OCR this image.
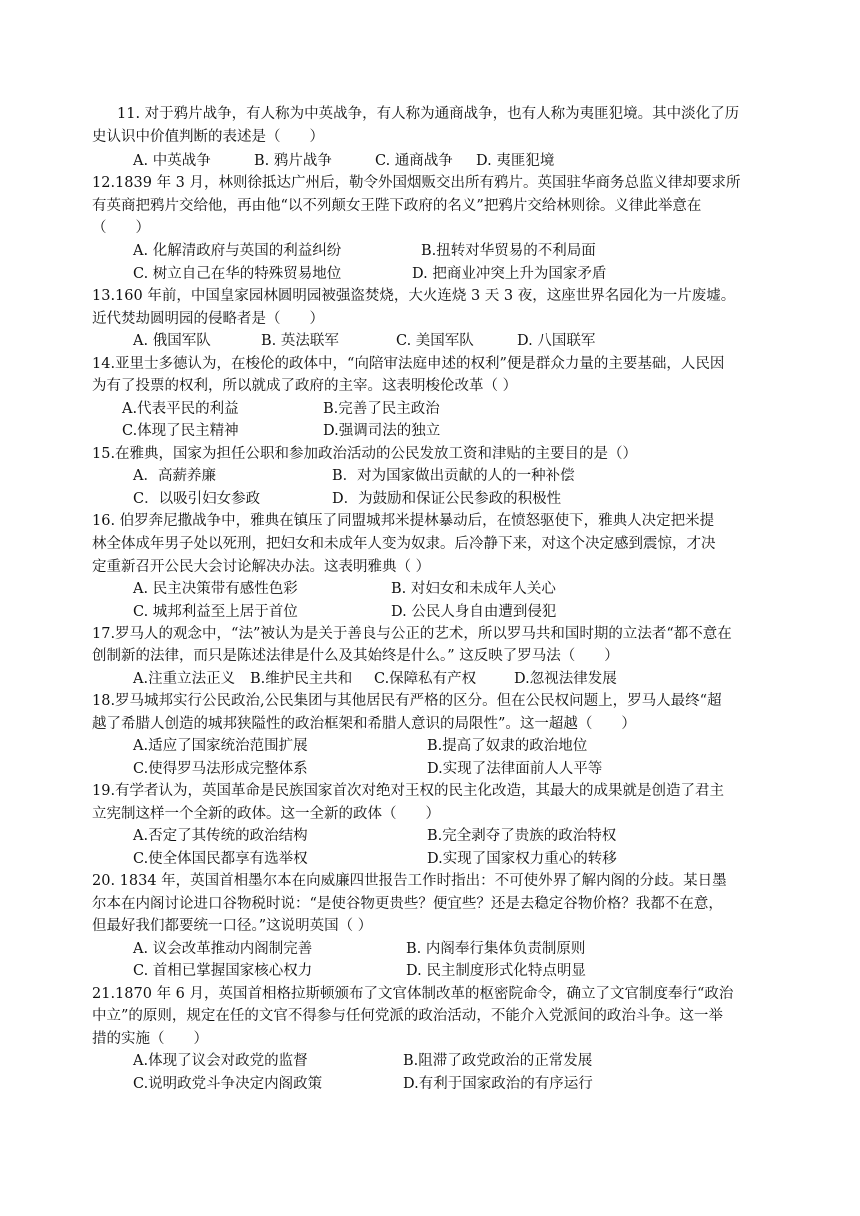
11. 对于鸦片战争，有人称为中英战争，有人称为通商战争，也有人称为夷匪犯境。其中淡化了历
史认识中价值判断的表述是（　　）
A. 中英战争	B. 鸦片战争	C. 通商战争 D. 夷匪犯境
12.1839 年 3 月，林则徐抵达广州后，勒令外国烟贩交出所有鸦片。英国驻华商务总监义律却要求所
有英商把鸦片交给他，再由他“以不列颠女王陛下政府的名义”把鸦片交给林则徐。义律此举意在
（　　）
A. 化解清政府与英国的利益纠纷	B.扭转对华贸易的不利局面
C. 树立自己在华的特殊贸易地位	D. 把商业冲突上升为国家矛盾
13.160 年前，中国皇家园林圆明园被强盗焚烧，大火连烧 3 天 3 夜，这座世界名园化为一片废墟。
近代焚劫圆明园的侵略者是（　　）
A. 俄国军队	B. 英法联军	C. 美国军队	D. 八国联军
14.亚里士多德认为，在梭伦的政体中，“向陪审法庭申述的权利”便是群众力量的主要基础，人民因
为有了投票的权利，所以就成了政府的主宰。这表明梭伦改革（ ）
A.代表平民的利益	B.完善了民主政治
C.体现了民主精神	D.强调司法的独立
15.在雅典，国家为担任公职和参加政治活动的公民发放工资和津贴的主要目的是（）
A．高薪养廉	B．对为国家做出贡献的人的一种补偿
C．以吸引妇女参政	D．为鼓励和保证公民参政的积极性
16. 伯罗奔尼撒战争中，雅典在镇压了同盟城邦米提林暴动后，在愤怒驱使下，雅典人决定把米提
林全体成年男子处以死刑，把妇女和未成年人变为奴隶。后冷静下来，对这个决定感到震惊，才决
定重新召开公民大会讨论解决办法。这表明雅典（ ）
A. 民主决策带有感性色彩	B. 对妇女和未成年人关心
C. 城邦利益至上居于首位	D. 公民人身自由遭到侵犯
17.罗马人的观念中，“法”被认为是关于善良与公正的艺术，所以罗马共和国时期的立法者“都不意在
创制新的法律，而只是陈述法律是什么及其始终是什么。” 这反映了罗马法（　　）
A.注重立法正义 B.维护民主共和 C.保障私有产权	D.忽视法律发展
18.罗马城邦实行公民政治,公民集团与其他居民有严格的区分。但在公民权问题上，罗马人最终“超
越了希腊人创造的城邦狭隘性的政治框架和希腊人意识的局限性”。这一超越（　　）
A.适应了国家统治范围扩展	B.提高了奴隶的政治地位
C.使得罗马法形成完整体系	D.实现了法律面前人人平等
19.有学者认为，英国革命是民族国家首次对绝对王权的民主化改造，其最大的成果就是创造了君主
立宪制这样一个全新的政体。这一全新的政体（　　）
A.否定了其传统的政治结构	B.完全剥夺了贵族的政治特权
C.使全体国民都享有选举权	D.实现了国家权力重心的转移
20. 1834 年，英国首相墨尔本在向威廉四世报告工作时指出：不可使外界了解内阁的分歧。某日墨
尔本在内阁讨论进口谷物税时说：“是使谷物更贵些？便宜些？还是去稳定谷物价格？我都不在意，
但最好我们都要统一口径。”这说明英国（ ）
A. 议会改革推动内阁制完善	B. 内阁奉行集体负责制原则
C. 首相已掌握国家核心权力	D. 民主制度形式化特点明显
21.1870 年 6 月，英国首相格拉斯顿颁布了文官体制改革的枢密院命令，确立了文官制度奉行“政治
中立”的原则，规定在任的文官不得参与任何党派的政治活动，不能介入党派间的政治斗争。这一举
措的实施（　　）
A.体现了议会对政党的监督	B.阻滞了政党政治的正常发展
C.说明政党斗争决定内阁政策	D.有利于国家政治的有序运行
